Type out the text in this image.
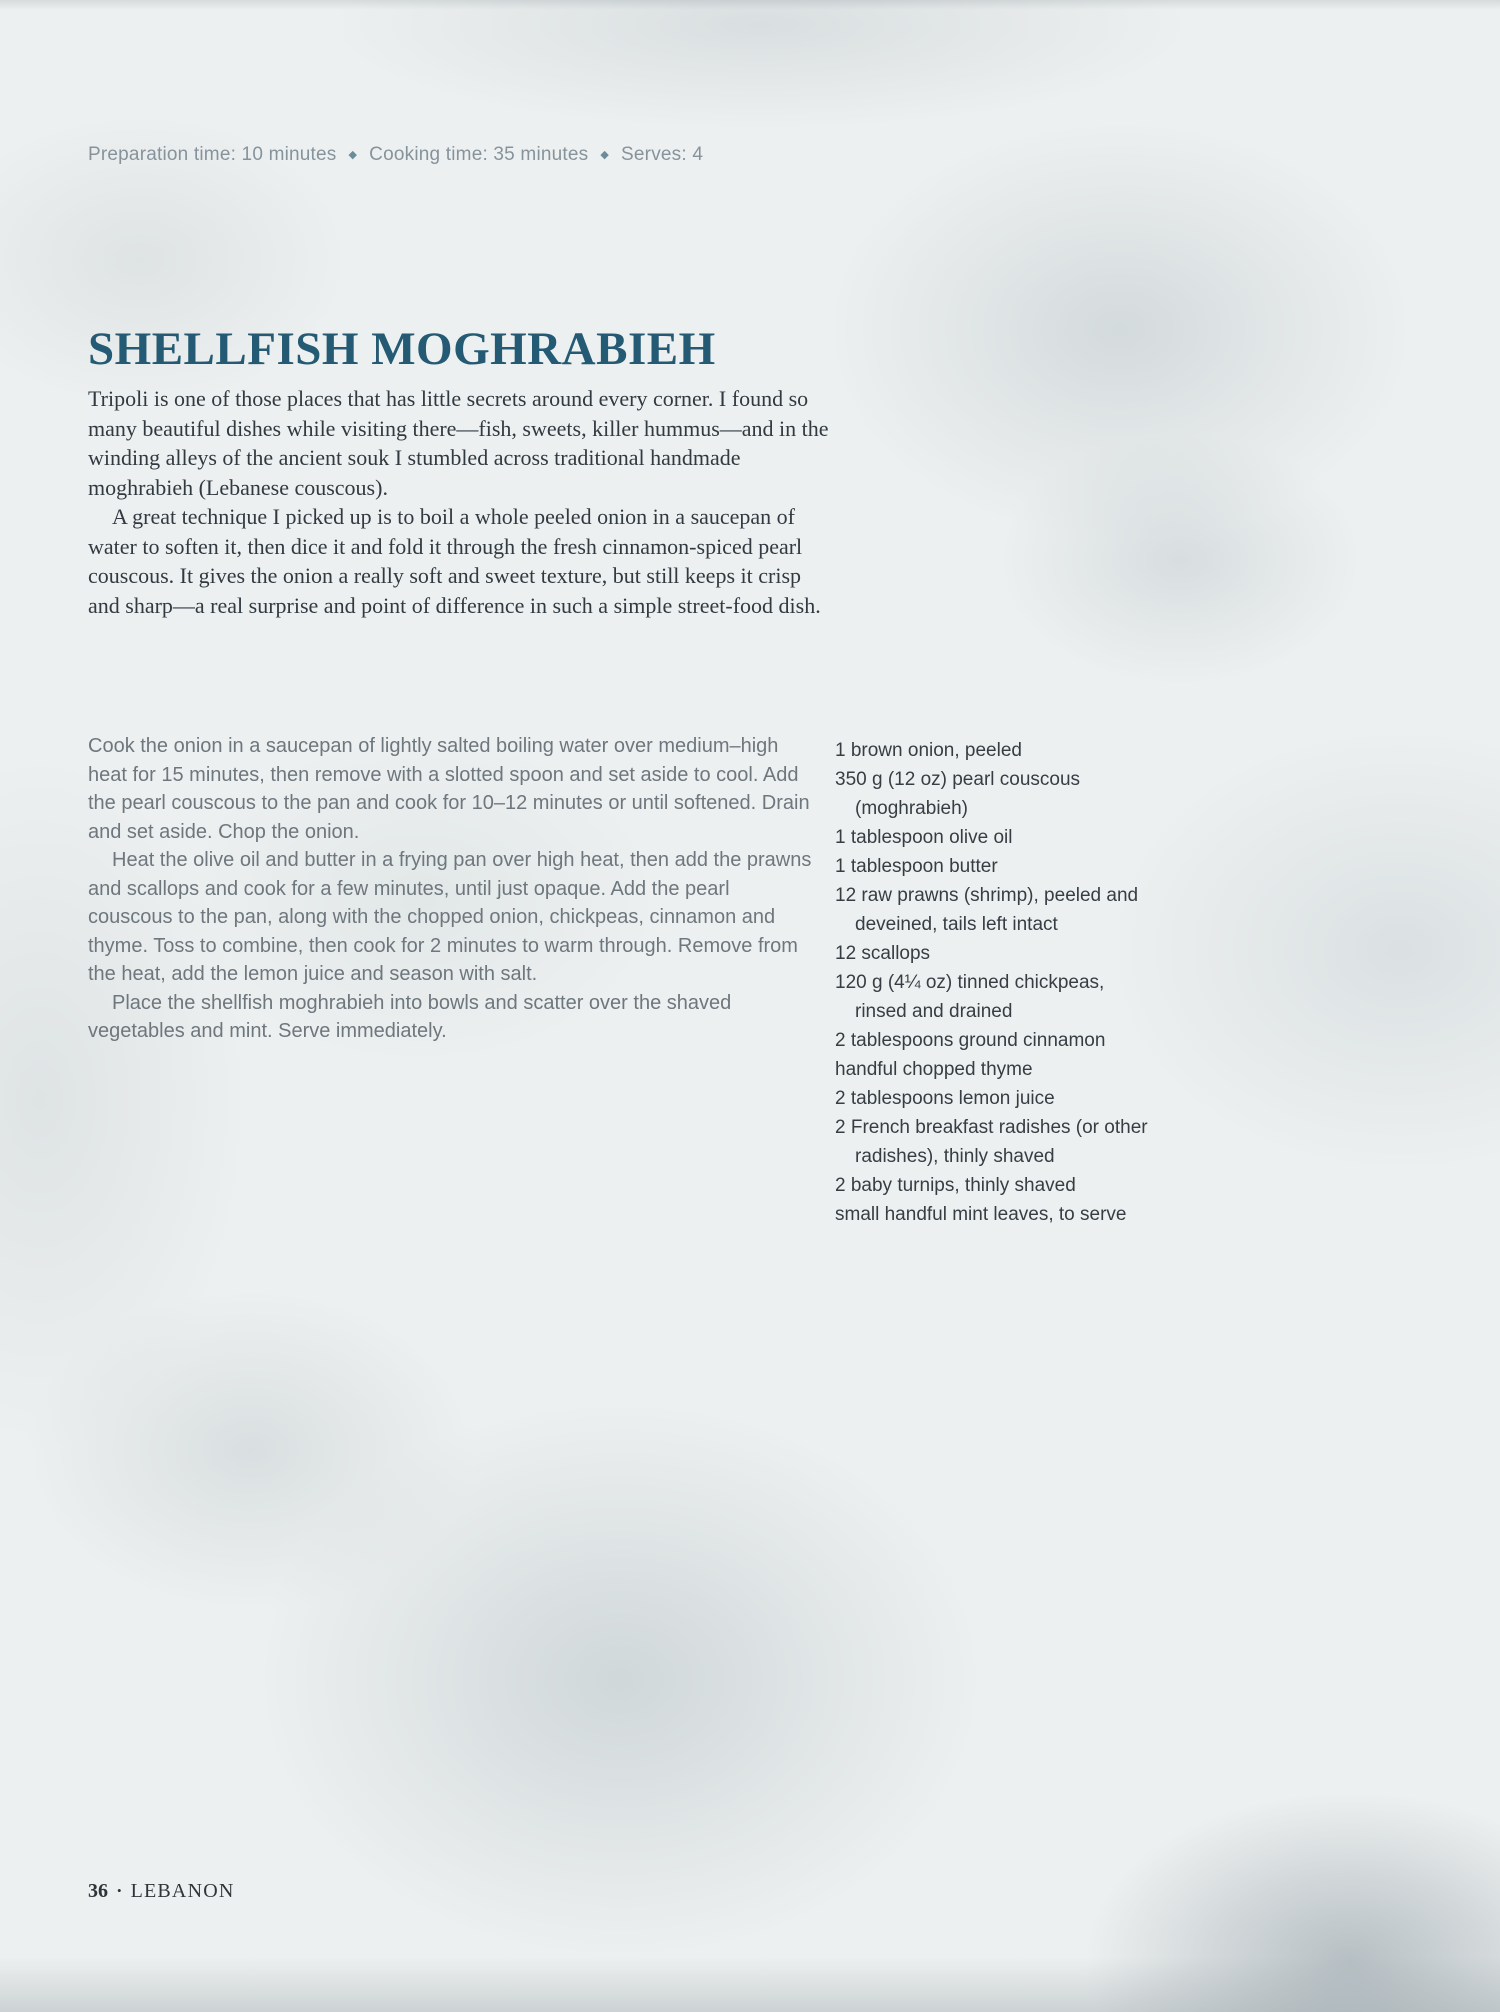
Preparation time: 10 minutes ◆ Cooking time: 35 minutes ◆ Serves: 4
SHELLFISH MOGHRABIEH

Tripoli is one of those places that has little secrets around every corner. I found so many beautiful dishes while visiting there—fish, sweets, killer hummus—and in the winding alleys of the ancient souk I stumbled across traditional handmade moghrabieh (Lebanese couscous).

A great technique I picked up is to boil a whole peeled onion in a saucepan of water to soften it, then dice it and fold it through the fresh cinnamon-spiced pearl couscous. It gives the onion a really soft and sweet texture, but still keeps it crisp and sharp—a real surprise and point of difference in such a simple street-food dish.

Cook the onion in a saucepan of lightly salted boiling water over medium–high heat for 15 minutes, then remove with a slotted spoon and set aside to cool. Add the pearl couscous to the pan and cook for 10–12 minutes or until softened. Drain and set aside. Chop the onion.

Heat the olive oil and butter in a frying pan over high heat, then add the prawns and scallops and cook for a few minutes, until just opaque. Add the pearl couscous to the pan, along with the chopped onion, chickpeas, cinnamon and thyme. Toss to combine, then cook for 2 minutes to warm through. Remove from the heat, add the lemon juice and season with salt.

Place the shellfish moghrabieh into bowls and scatter over the shaved vegetables and mint. Serve immediately.

1 brown onion, peeled
350 g (12 oz) pearl couscous (moghrabieh)
1 tablespoon olive oil
1 tablespoon butter
12 raw prawns (shrimp), peeled and deveined, tails left intact
12 scallops
120 g (4¼ oz) tinned chickpeas, rinsed and drained
2 tablespoons ground cinnamon
handful chopped thyme
2 tablespoons lemon juice
2 French breakfast radishes (or other radishes), thinly shaved
2 baby turnips, thinly shaved
small handful mint leaves, to serve
36 • LEBANON
